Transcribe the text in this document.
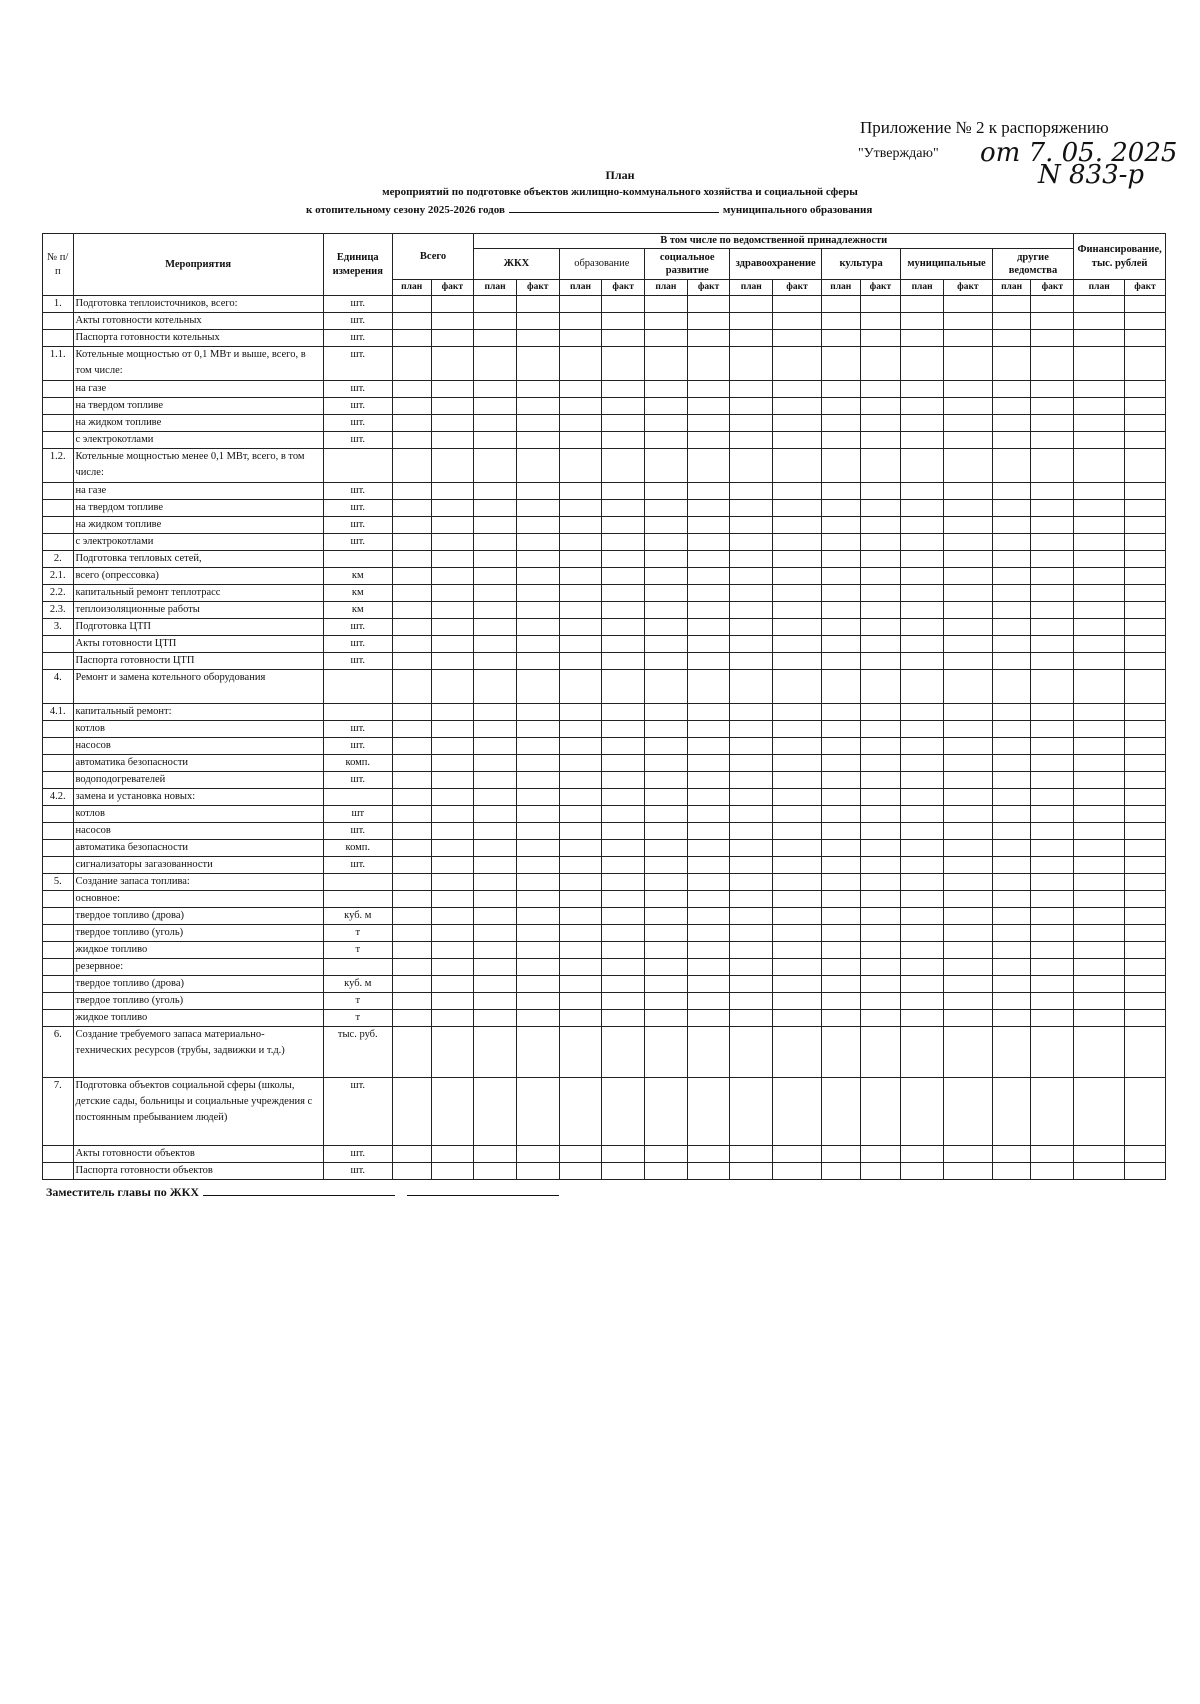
Приложение № 2 к распоряжению
"Утверждаю" от 7. 05. 2025
N 833-р
План
мероприятий по подготовке объектов жилищно-коммунального хозяйства и социальной сферы
к отопительному сезону 2025-2026 годов	муниципального образования
№ п/п	Мероприятия	Единица измерения	Всего		В том числе по ведомственной принадлежности														Финансирование, тыс. рублей	
					ЖКХ		образование		социальное развитие		здравоохранение		культура		муниципальные		другие ведомства			
			план	факт	план	факт	план	факт	план	факт	план	факт	план	факт	план	факт	план	факт	план	факт
1.	Подготовка теплоисточников, всего:	шт.																		
	Акты готовности котельных	шт.																		
	Паспорта готовности котельных	шт.																		
1.1.	Котельные мощностью от 0,1 МВт и выше, всего, в том числе:	шт.																		
	на газе	шт.																		
	на твердом топливе	шт.																		
	на жидком топливе	шт.																		
	с электрокотлами	шт.																		
1.2.	Котельные мощностью менее 0,1 МВт, всего, в том числе:																			
	на газе	шт.																		
	на твердом топливе	шт.																		
	на жидком топливе	шт.																		
	с электрокотлами	шт.																		
2.	Подготовка тепловых сетей,																			
2.1.	всего (опрессовка)	км																		
2.2.	капитальный ремонт теплотрасс	км																		
2.3.	теплоизоляционные работы	км																		
3.	Подготовка ЦТП	шт.																		
	Акты готовности ЦТП	шт.																		
	Паспорта готовности ЦТП	шт.																		
4.	Ремонт и замена котельного оборудования																			
4.1.	капитальный ремонт:																			
	котлов	шт.																		
	насосов	шт.																		
	автоматика безопасности	комп.																		
	водоподогревателей	шт.																		
4.2.	замена и установка новых:																			
	котлов	шт																		
	насосов	шт.																		
	автоматика безопасности	комп.																		
	сигнализаторы загазованности	шт.																		
5.	Создание запаса топлива:																			
	основное:																			
	твердое топливо (дрова)	куб. м																		
	твердое топливо (уголь)	т																		
	жидкое топливо	т																		
	резервное:																			
	твердое топливо (дрова)	куб. м																		
	твердое топливо (уголь)	т																		
	жидкое топливо	т																		
6.	Создание требуемого запаса материально-технических ресурсов (трубы, задвижки и т.д.)	тыс. руб.																		
7.	Подготовка объектов социальной сферы (школы, детские сады, больницы и социальные учреждения с постоянным пребыванием людей)	шт.																		
	Акты готовности объектов	шт.																		
	Паспорта готовности объектов	шт.																		
Заместитель главы по ЖКХ
